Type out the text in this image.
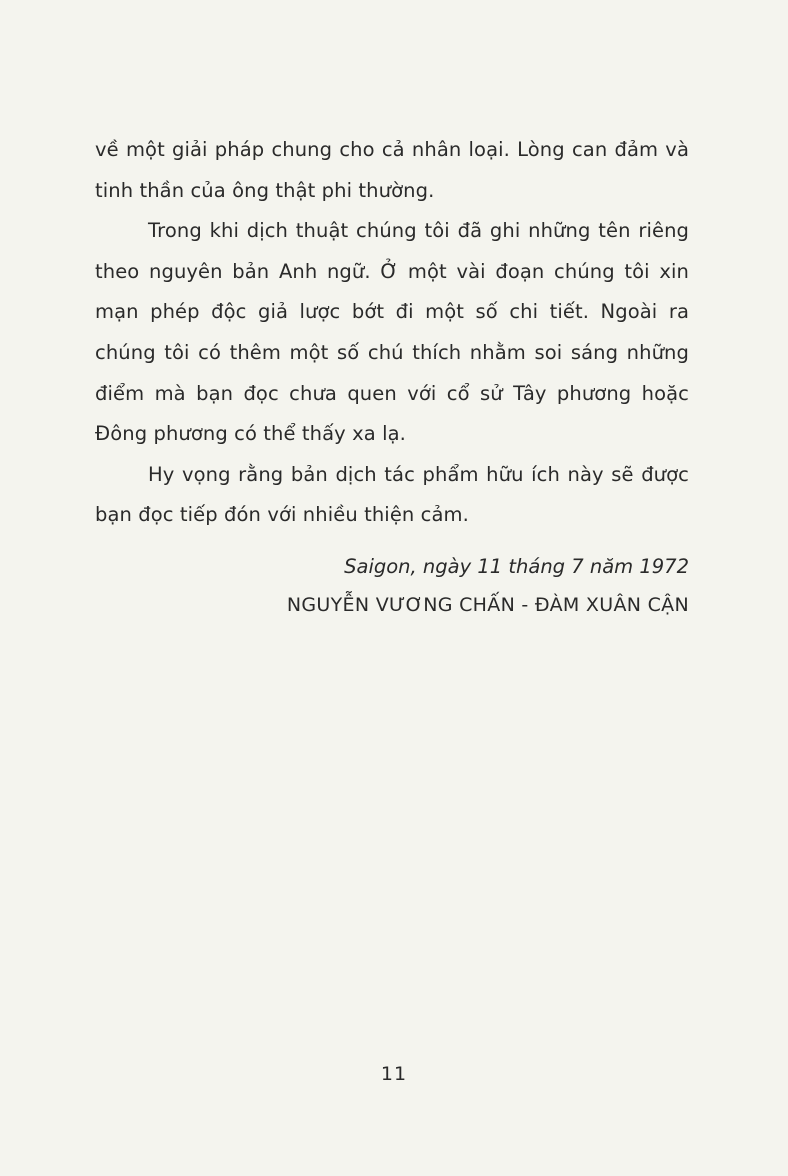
về một giải pháp chung cho cả nhân loại. Lòng can đảm và tinh thần của ông thật phi thường.

Trong khi dịch thuật chúng tôi đã ghi những tên riêng theo nguyên bản Anh ngữ. Ở một vài đoạn chúng tôi xin mạn phép độc giả lược bớt đi một số chi tiết. Ngoài ra chúng tôi có thêm một số chú thích nhằm soi sáng những điểm mà bạn đọc chưa quen với cổ sử Tây phương hoặc Đông phương có thể thấy xa lạ.

Hy vọng rằng bản dịch tác phẩm hữu ích này sẽ được bạn đọc tiếp đón với nhiều thiện cảm.

Saigon, ngày 11 tháng 7 năm 1972
NGUYỄN VƯƠNG CHẤN - ĐÀM XUÂN CẬN
11
